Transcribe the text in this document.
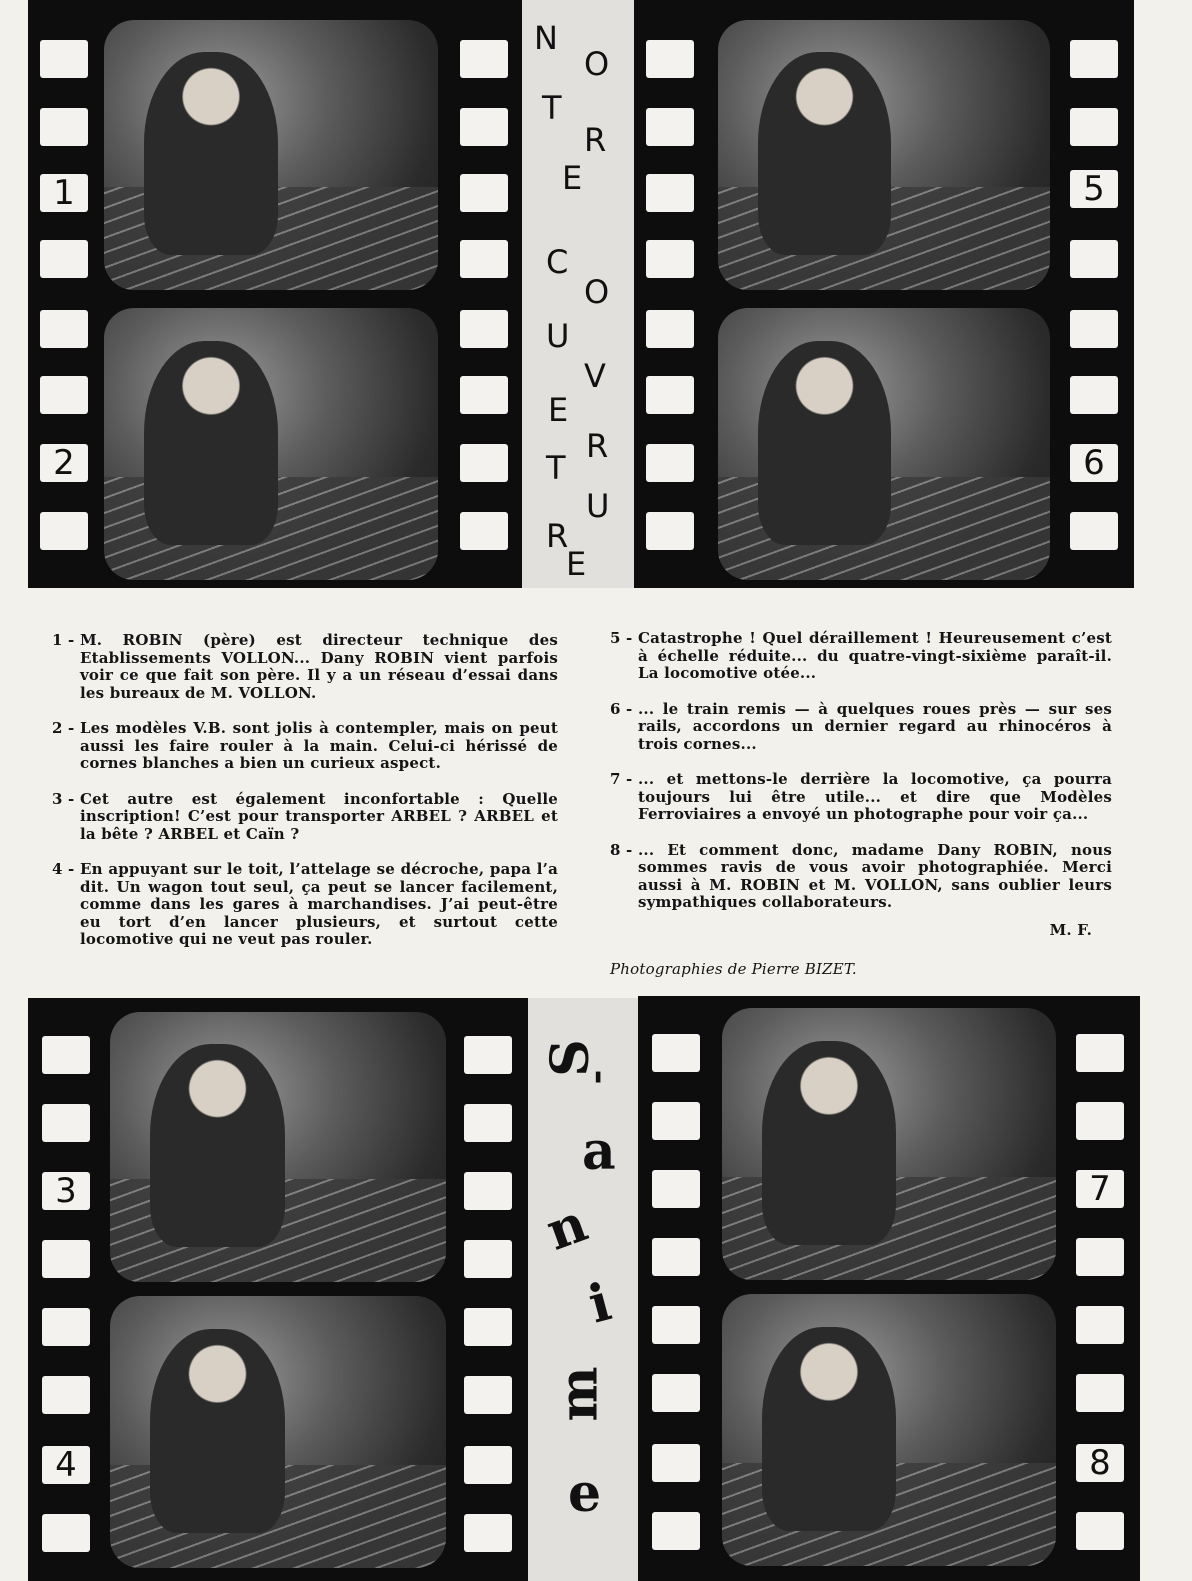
1
2
N
O
T
R
E
C
O
U
V
E
R
T
U
R
E
5
6
1 - M. ROBIN (père) est directeur technique des Etablissements VOLLON... Dany ROBIN vient parfois voir ce que fait son père. Il y a un réseau d’essai dans les bureaux de M. VOLLON.
2 - Les modèles V.B. sont jolis à contempler, mais on peut aussi les faire rouler à la main. Celui-ci hérissé de cornes blanches a bien un curieux aspect.
3 - Cet autre est également inconfortable : Quelle inscription! C’est pour transporter ARBEL ? ARBEL et la bête ? ARBEL et Caïn ?
4 - En appuyant sur le toit, l’attelage se décroche, papa l’a dit. Un wagon tout seul, ça peut se lancer facilement, comme dans les gares à marchandises. J’ai peut-être eu tort d’en lancer plusieurs, et surtout cette locomotive qui ne veut pas rouler.
5 - Catastrophe ! Quel déraillement ! Heureusement c’est à échelle réduite... du quatre-vingt-sixième paraît-il. La locomotive otée...
6 - ... le train remis — à quelques roues près — sur ses rails, accordons un dernier regard au rhinocéros à trois cornes...
7 - ... et mettons-le derrière la locomotive, ça pourra toujours lui être utile... et dire que Modèles Ferroviaires a envoyé un photographe pour voir ça...
8 - ... Et comment donc, madame Dany ROBIN, nous sommes ravis de vous avoir photographiée. Merci aussi à M. ROBIN et M. VOLLON, sans oublier leurs sympathiques collaborateurs.
M. F.
Photographies de Pierre BIZET.
3
4
S
'
a
n
i
m
e
7
8
